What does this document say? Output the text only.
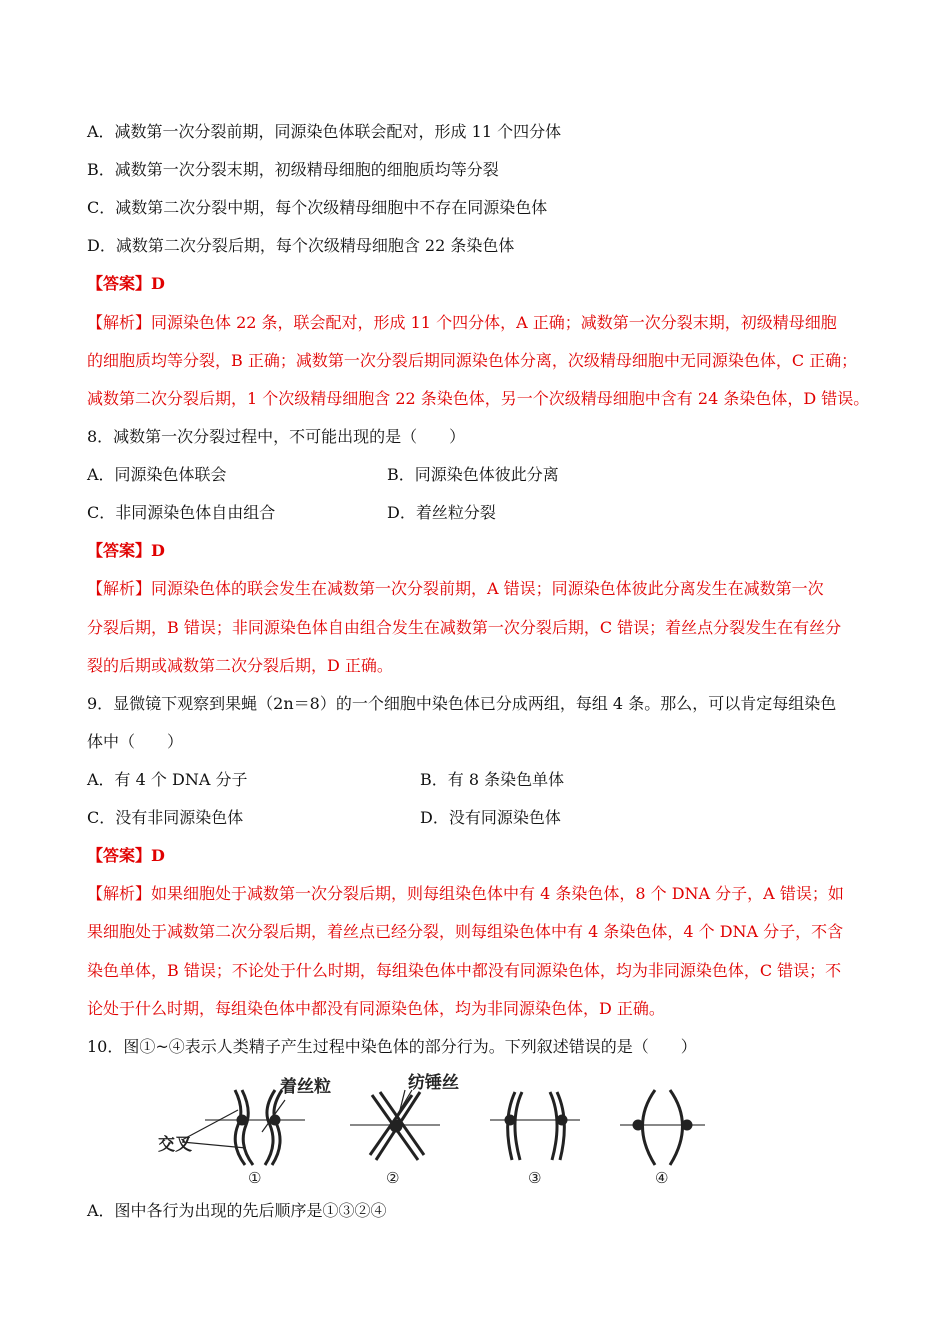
A．减数第一次分裂前期，同源染色体联会配对，形成 11 个四分体
B．减数第一次分裂末期，初级精母细胞的细胞质均等分裂
C．减数第二次分裂中期，每个次级精母细胞中不存在同源染色体
D．减数第二次分裂后期，每个次级精母细胞含 22 条染色体
【答案】D
【解析】同源染色体 22 条，联会配对，形成 11 个四分体，A 正确；减数第一次分裂末期，初级精母细胞
的细胞质均等分裂，B 正确；减数第一次分裂后期同源染色体分离，次级精母细胞中无同源染色体，C 正确；
减数第二次分裂后期，1 个次级精母细胞含 22 条染色体，另一个次级精母细胞中含有 24 条染色体，D 错误。
8．减数第一次分裂过程中，不可能出现的是（　　）
A．同源染色体联会	B．同源染色体彼此分离
C．非同源染色体自由组合	D．着丝粒分裂
【答案】D
【解析】同源染色体的联会发生在减数第一次分裂前期，A 错误；同源染色体彼此分离发生在减数第一次
分裂后期，B 错误；非同源染色体自由组合发生在减数第一次分裂后期，C 错误；着丝点分裂发生在有丝分
裂的后期或减数第二次分裂后期，D 正确。
9．显微镜下观察到果蝇（2n＝8）的一个细胞中染色体已分成两组，每组 4 条。那么，可以肯定每组染色
体中（　　）
A．有 4 个 DNA 分子	B．有 8 条染色单体
C．没有非同源染色体	D．没有同源染色体
【答案】D
【解析】如果细胞处于减数第一次分裂后期，则每组染色体中有 4 条染色体，8 个 DNA 分子，A 错误；如
果细胞处于减数第二次分裂后期，着丝点已经分裂，则每组染色体中有 4 条染色体，4 个 DNA 分子，不含
染色单体，B 错误；不论处于什么时期，每组染色体中都没有同源染色体，均为非同源染色体，C 错误；不
论处于什么时期，每组染色体中都没有同源染色体，均为非同源染色体，D 正确。
10．图①~④表示人类精子产生过程中染色体的部分行为。下列叙述错误的是（　　）
着丝粒
交叉
①
纺锤丝
②	③	④
A．图中各行为出现的先后顺序是①③②④
